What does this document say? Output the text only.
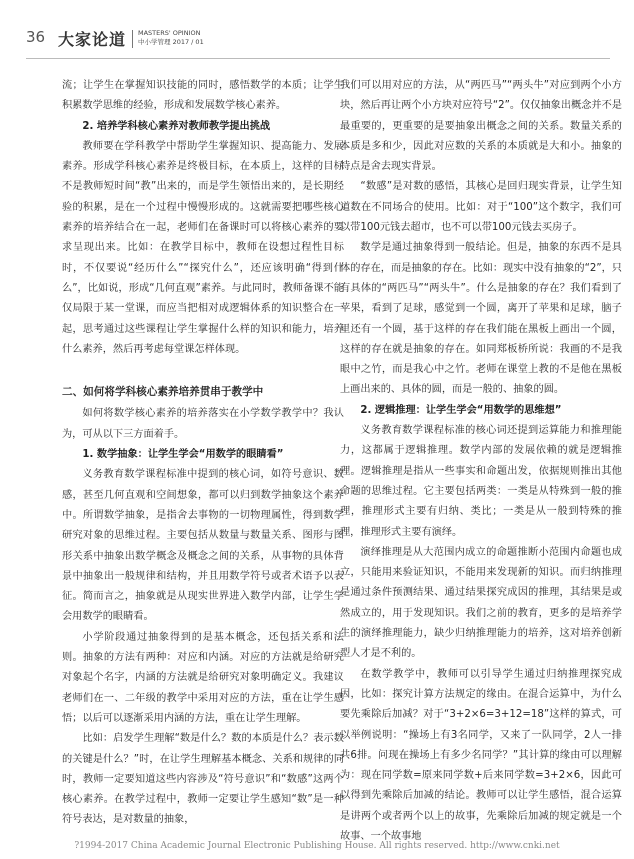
36 大家论道 MASTERS' OPINION
中小学管理 2017 / 01

流；让学生在掌握知识技能的同时，感悟数学的本质；让学生积累数学思维的经验，形成和发展数学核心素养。

2. 培养学科核心素养对教师教学提出挑战

教师要在学科教学中帮助学生掌握知识、提高能力、发展素养。形成学科核心素养是终极目标，在本质上，这样的目标不是教师短时间“教”出来的，而是学生领悟出来的，是长期经验的积累，是在一个过程中慢慢形成的。这就需要把哪些核心素养的培养结合在一起，老师们在备课时可以将核心素养的要求呈现出来。比如：在教学目标中，教师在设想过程性目标时，不仅要说“经历什么”“探究什么”，还应该明确“得到什么”，比如说，形成“几何直观”素养。与此同时，教师备课不能仅局限于某一堂课，而应当把相对成逻辑体系的知识整合在一起，思考通过这些课程让学生掌握什么样的知识和能力，培养什么素养，然后再考虑每堂课怎样体现。

二、如何将学科核心素养培养贯串于教学中

如何将数学核心素养的培养落实在小学数学教学中？我认为，可从以下三方面着手。

1. 数学抽象：让学生学会“用数学的眼睛看”

义务教育数学课程标准中提到的核心词，如符号意识、数感，甚至几何直观和空间想象，都可以归到数学抽象这个素养中。所谓数学抽象，是指舍去事物的一切物理属性，得到数学研究对象的思维过程。主要包括从数量与数量关系、图形与图形关系中抽象出数学概念及概念之间的关系，从事物的具体背景中抽象出一般规律和结构，并且用数学符号或者术语予以表征。简而言之，抽象就是从现实世界进入数学内部，让学生学会用数学的眼睛看。

小学阶段通过抽象得到的是基本概念，还包括关系和法则。抽象的方法有两种：对应和内涵。对应的方法就是给研究对象起个名字，内涵的方法就是给研究对象明确定义。我建议老师们在一、二年级的教学中采用对应的方法，重在让学生感悟；以后可以逐渐采用内涵的方法，重在让学生理解。

比如：启发学生理解“数是什么？数的本质是什么？表示数的关键是什么？”时，在让学生理解基本概念、关系和规律的同时，教师一定要知道这些内容涉及“符号意识”和“数感”这两个核心素养。在教学过程中，教师一定要让学生感知“数”是一种符号表达，是对数量的抽象，

我们可以用对应的方法，从“两匹马”“两头牛”对应到两个小方块，然后再让两个小方块对应符号“2”。仅仅抽象出概念并不是最重要的，更重要的是要抽象出概念之间的关系。数量关系的本质是多和少，因此对应数的关系的本质就是大和小。抽象的特点是舍去现实背景。

“数感”是对数的感悟，其核心是回归现实背景，让学生知道数在不同场合的使用。比如：对于“100”这个数字，我们可以带100元钱去超市，也不可以带100元钱去买房子。

数学是通过抽象得到一般结论。但是，抽象的东西不是具体的存在，而是抽象的存在。比如：现实中没有抽象的“2”，只有具体的“两匹马”“两头牛”。什么是抽象的存在？我们看到了苹果，看到了足球，感觉到一个圆，离开了苹果和足球，脑子里还有一个圆，基于这样的存在我们能在黑板上画出一个圆，这样的存在就是抽象的存在。如同郑板桥所说：我画的不是我眼中之竹，而是我心中之竹。老师在课堂上教的不是他在黑板上画出来的、具体的圆，而是一般的、抽象的圆。

2. 逻辑推理：让学生学会“用数学的思维想”

义务教育数学课程标准的核心词还提到运算能力和推理能力，这都属于逻辑推理。数学内部的发展依赖的就是逻辑推理。逻辑推理是指从一些事实和命题出发，依据规则推出其他命题的思维过程。它主要包括两类：一类是从特殊到一般的推理，推理形式主要有归纳、类比；一类是从一般到特殊的推理，推理形式主要有演绎。

演绎推理是从大范围内成立的命题推断小范围内命题也成立，只能用来验证知识，不能用来发现新的知识。而归纳推理是通过条件预测结果、通过结果探究成因的推理，其结果是或然成立的，用于发现知识。我们之前的教育，更多的是培养学生的演绎推理能力，缺少归纳推理能力的培养，这对培养创新型人才是不利的。

在数学教学中，教师可以引导学生通过归纳推理探究成因，比如：探究计算方法规定的缘由。在混合运算中，为什么要先乘除后加减？对于“3+2×6=3+12=18”这样的算式，可以举例说明：“操场上有3名同学，又来了一队同学，2人一排共6排。问现在操场上有多少名同学？”其计算的缘由可以理解为：现在同学数=原来同学数+后来同学数=3+2×6，因此可以得到先乘除后加减的结论。教师可以让学生感悟，混合运算是讲两个或者两个以上的故事，先乘除后加减的规定就是一个故事、一个故事地

?1994-2017 China Academic Journal Electronic Publishing House. All rights reserved. http://www.cnki.net
